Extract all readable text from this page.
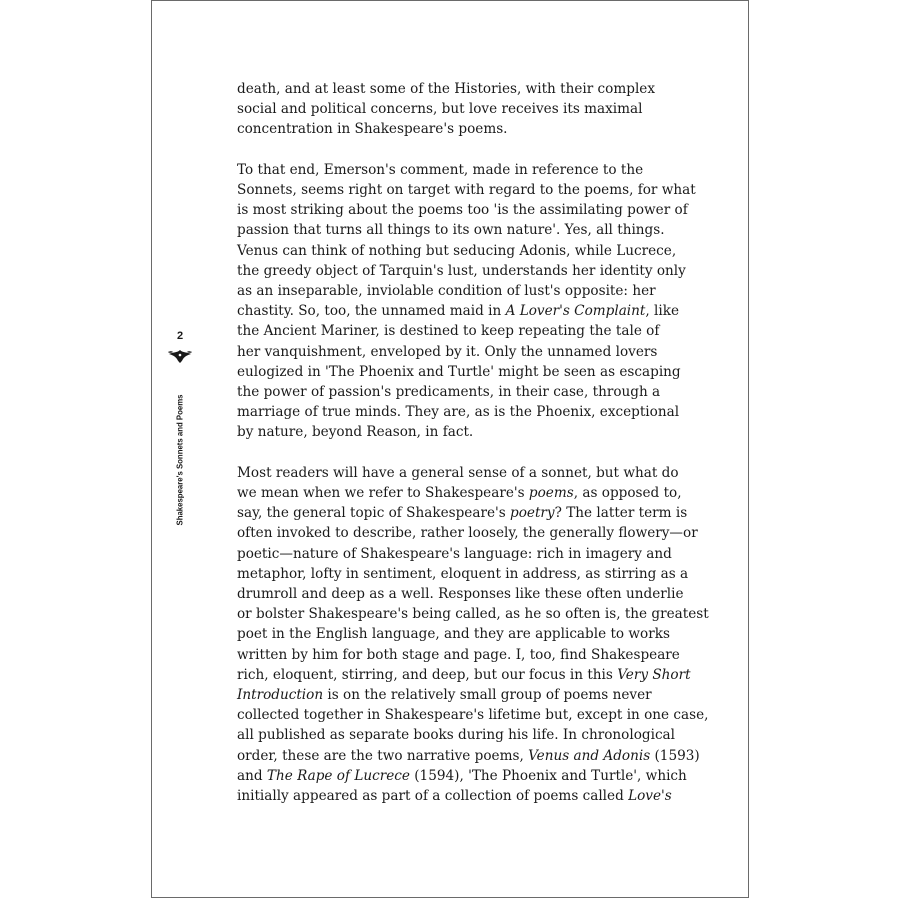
2
Shakespeare's Sonnets and Poems

death, and at least some of the Histories, with their complex
social and political concerns, but love receives its maximal
concentration in Shakespeare's poems.

To that end, Emerson's comment, made in reference to the
Sonnets, seems right on target with regard to the poems, for what
is most striking about the poems too 'is the assimilating power of
passion that turns all things to its own nature'. Yes, all things.
Venus can think of nothing but seducing Adonis, while Lucrece,
the greedy object of Tarquin's lust, understands her identity only
as an inseparable, inviolable condition of lust's opposite: her
chastity. So, too, the unnamed maid in A Lover's Complaint, like
the Ancient Mariner, is destined to keep repeating the tale of
her vanquishment, enveloped by it. Only the unnamed lovers
eulogized in 'The Phoenix and Turtle' might be seen as escaping
the power of passion's predicaments, in their case, through a
marriage of true minds. They are, as is the Phoenix, exceptional
by nature, beyond Reason, in fact.

Most readers will have a general sense of a sonnet, but what do
we mean when we refer to Shakespeare's poems, as opposed to,
say, the general topic of Shakespeare's poetry? The latter term is
often invoked to describe, rather loosely, the generally flowery—or
poetic—nature of Shakespeare's language: rich in imagery and
metaphor, lofty in sentiment, eloquent in address, as stirring as a
drumroll and deep as a well. Responses like these often underlie
or bolster Shakespeare's being called, as he so often is, the greatest
poet in the English language, and they are applicable to works
written by him for both stage and page. I, too, find Shakespeare
rich, eloquent, stirring, and deep, but our focus in this Very Short
Introduction is on the relatively small group of poems never
collected together in Shakespeare's lifetime but, except in one case,
all published as separate books during his life. In chronological
order, these are the two narrative poems, Venus and Adonis (1593)
and The Rape of Lucrece (1594), 'The Phoenix and Turtle', which
initially appeared as part of a collection of poems called Love's
